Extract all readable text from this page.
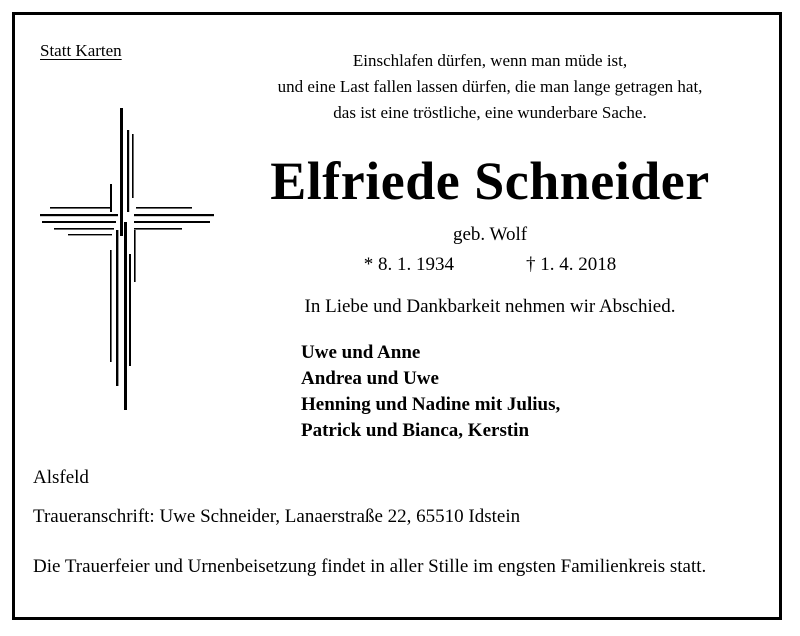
Statt Karten
Einschlafen dürfen, wenn man müde ist,
und eine Last fallen lassen dürfen, die man lange getragen hat,
das ist eine tröstliche, eine wunderbare Sache.
Elfriede Schneider
geb. Wolf
* 8. 1. 1934	† 1. 4. 2018
In Liebe und Dankbarkeit nehmen wir Abschied.
Uwe und Anne
Andrea und Uwe
Henning und Nadine mit Julius,
Patrick und Bianca, Kerstin
Alsfeld
Traueranschrift: Uwe Schneider, Lanaerstraße 22, 65510 Idstein
Die Trauerfeier und Urnenbeisetzung findet in aller Stille im engsten Familienkreis statt.
